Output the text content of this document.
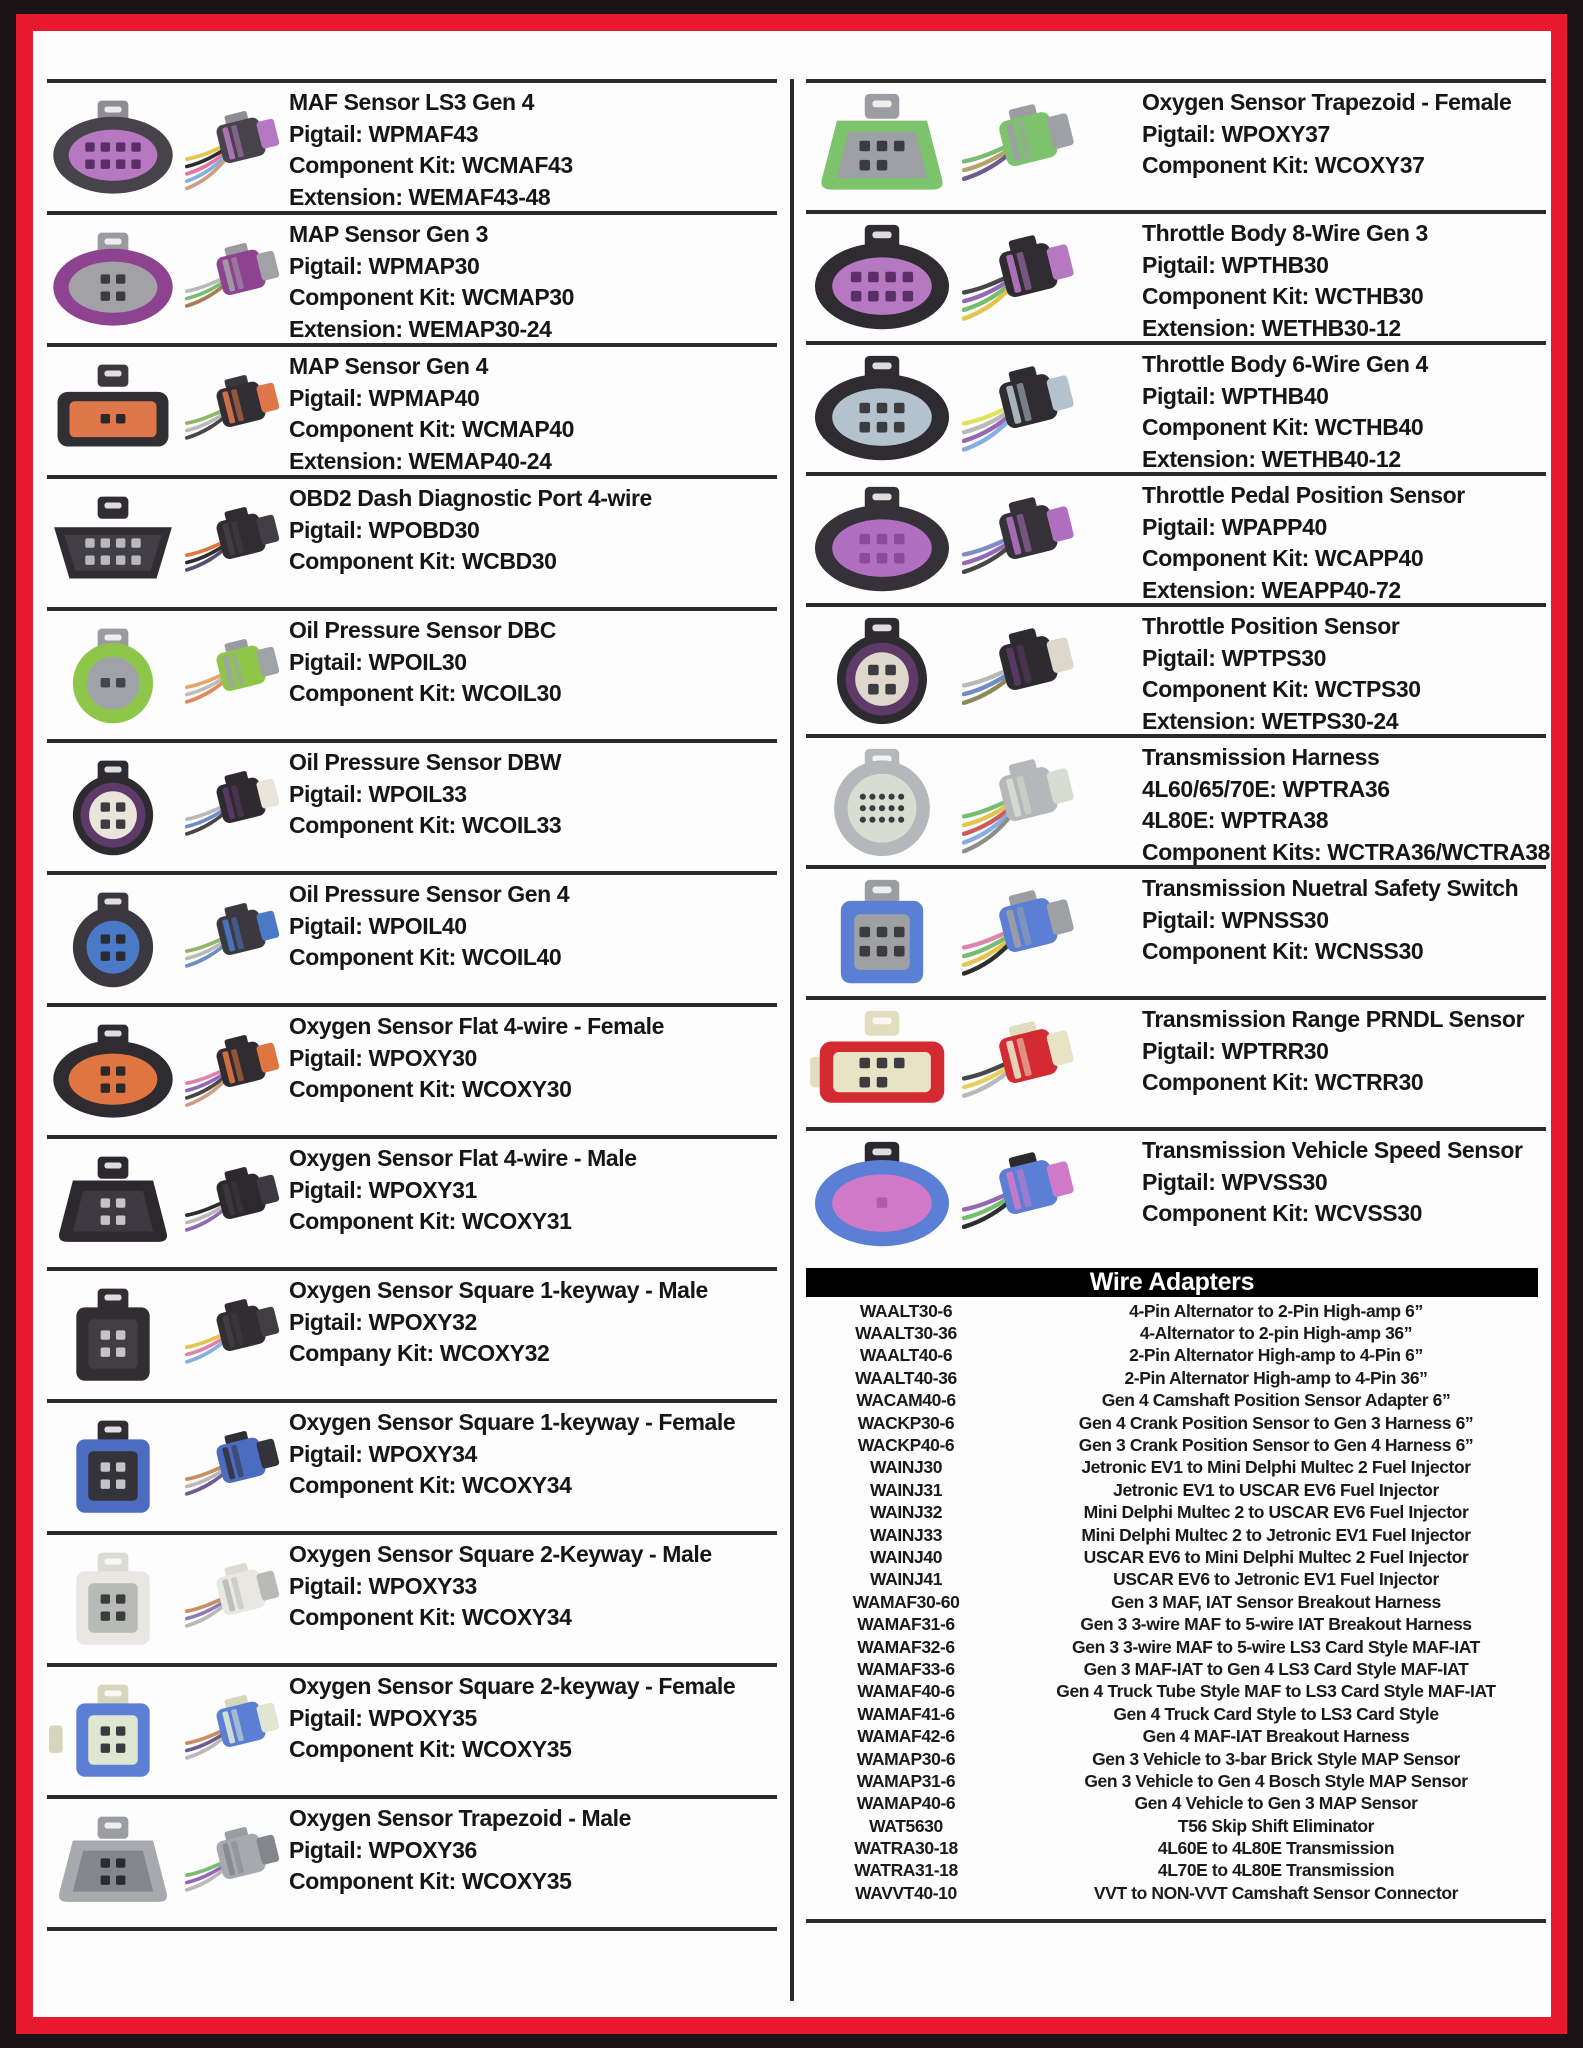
MAF Sensor LS3 Gen 4
Pigtail: WPMAF43
Component Kit: WCMAF43
Extension: WEMAF43-48
MAP Sensor Gen 3
Pigtail: WPMAP30
Component Kit: WCMAP30
Extension: WEMAP30-24
MAP Sensor Gen 4
Pigtail: WPMAP40
Component Kit: WCMAP40
Extension: WEMAP40-24
OBD2 Dash Diagnostic Port 4-wire
Pigtail: WPOBD30
Component Kit: WCBD30
Oil Pressure Sensor DBC
Pigtail: WPOIL30
Component Kit: WCOIL30
Oil Pressure Sensor DBW
Pigtail: WPOIL33
Component Kit: WCOIL33
Oil Pressure Sensor Gen 4
Pigtail: WPOIL40
Component Kit: WCOIL40
Oxygen Sensor Flat 4-wire - Female
Pigtail: WPOXY30
Component Kit: WCOXY30
Oxygen Sensor Flat 4-wire - Male
Pigtail: WPOXY31
Component Kit: WCOXY31
Oxygen Sensor Square 1-keyway - Male
Pigtail: WPOXY32
Company Kit: WCOXY32
Oxygen Sensor Square 1-keyway - Female
Pigtail: WPOXY34
Component Kit: WCOXY34
Oxygen Sensor Square 2-Keyway - Male
Pigtail: WPOXY33
Component Kit: WCOXY34
Oxygen Sensor Square 2-keyway - Female
Pigtail: WPOXY35
Component Kit: WCOXY35
Oxygen Sensor Trapezoid - Male
Pigtail: WPOXY36
Component Kit: WCOXY35
Oxygen Sensor Trapezoid - Female
Pigtail: WPOXY37
Component Kit: WCOXY37
Throttle Body 8-Wire Gen 3
Pigtail: WPTHB30
Component Kit: WCTHB30
Extension: WETHB30-12
Throttle Body 6-Wire Gen 4
Pigtail: WPTHB40
Component Kit: WCTHB40
Extension: WETHB40-12
Throttle Pedal Position Sensor
Pigtail: WPAPP40
Component Kit: WCAPP40
Extension: WEAPP40-72
Throttle Position Sensor
Pigtail: WPTPS30
Component Kit: WCTPS30
Extension: WETPS30-24
Transmission Harness
4L60/65/70E: WPTRA36
4L80E: WPTRA38
Component Kits: WCTRA36/WCTRA38
Transmission Nuetral Safety Switch
Pigtail: WPNSS30
Component Kit: WCNSS30
Transmission Range PRNDL Sensor
Pigtail: WPTRR30
Component Kit: WCTRR30
Transmission Vehicle Speed Sensor
Pigtail: WPVSS30
Component Kit: WCVSS30
Wire Adapters
WAALT30-6	4-Pin Alternator to 2-Pin High-amp 6”
WAALT30-36	4-Alternator to 2-pin High-amp 36”
WAALT40-6	2-Pin Alternator High-amp to 4-Pin 6”
WAALT40-36	2-Pin Alternator High-amp to 4-Pin 36”
WACAM40-6	Gen 4 Camshaft Position Sensor Adapter 6”
WACKP30-6	Gen 4 Crank Position Sensor to Gen 3 Harness 6”
WACKP40-6	Gen 3 Crank Position Sensor to Gen 4 Harness 6”
WAINJ30	Jetronic EV1 to Mini Delphi Multec 2 Fuel Injector
WAINJ31	Jetronic EV1 to USCAR EV6 Fuel Injector
WAINJ32	Mini Delphi Multec 2 to USCAR EV6 Fuel Injector
WAINJ33	Mini Delphi Multec 2 to Jetronic EV1 Fuel Injector
WAINJ40	USCAR EV6 to Mini Delphi Multec 2 Fuel Injector
WAINJ41	USCAR EV6 to Jetronic EV1 Fuel Injector
WAMAF30-60	Gen 3 MAF, IAT Sensor Breakout Harness
WAMAF31-6	Gen 3 3-wire MAF to 5-wire IAT Breakout Harness
WAMAF32-6	Gen 3 3-wire MAF to 5-wire LS3 Card Style MAF-IAT
WAMAF33-6	Gen 3 MAF-IAT to Gen 4 LS3 Card Style MAF-IAT
WAMAF40-6	Gen 4 Truck Tube Style MAF to LS3 Card Style MAF-IAT
WAMAF41-6	Gen 4 Truck Card Style to LS3 Card Style
WAMAF42-6	Gen 4 MAF-IAT Breakout Harness
WAMAP30-6	Gen 3 Vehicle to 3-bar Brick Style MAP Sensor
WAMAP31-6	Gen 3 Vehicle to Gen 4 Bosch Style MAP Sensor
WAMAP40-6	Gen 4 Vehicle to Gen 3 MAP Sensor
WAT5630	T56 Skip Shift Eliminator
WATRA30-18	4L60E to 4L80E Transmission
WATRA31-18	4L70E to 4L80E Transmission
WAVVT40-10	VVT to NON-VVT Camshaft Sensor Connector
